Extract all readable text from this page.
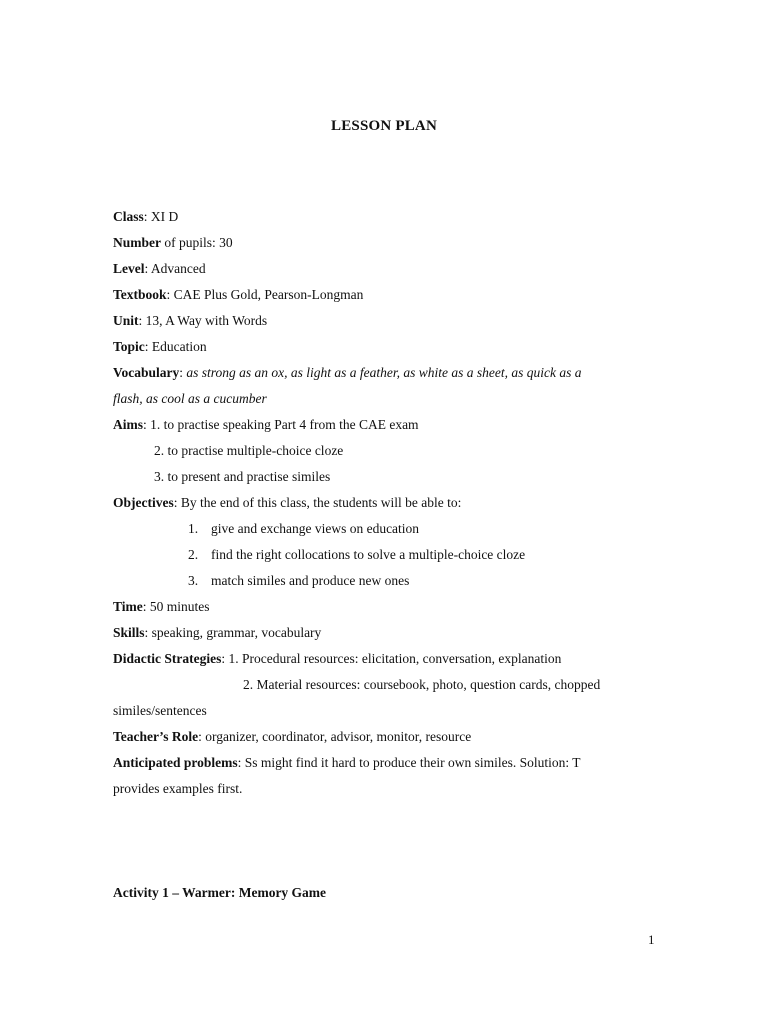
LESSON PLAN
Class: XI D
Number of pupils: 30
Level: Advanced
Textbook: CAE Plus Gold, Pearson-Longman
Unit: 13, A Way with Words
Topic: Education
Vocabulary: as strong as an ox, as light as a feather, as white as a sheet, as quick as a
flash, as cool as a cucumber
Aims: 1. to practise speaking Part 4 from the CAE exam
2. to practise multiple-choice cloze
3. to present and practise similes
Objectives: By the end of this class, the students will be able to:
1. give and exchange views on education
2. find the right collocations to solve a multiple-choice cloze
3. match similes and produce new ones
Time: 50 minutes
Skills: speaking, grammar, vocabulary
Didactic Strategies: 1. Procedural resources: elicitation, conversation, explanation
2. Material resources: coursebook, photo, question cards, chopped
similes/sentences
Teacher’s Role: organizer, coordinator, advisor, monitor, resource
Anticipated problems: Ss might find it hard to produce their own similes. Solution: T
provides examples first.
Activity 1 – Warmer: Memory Game
1
